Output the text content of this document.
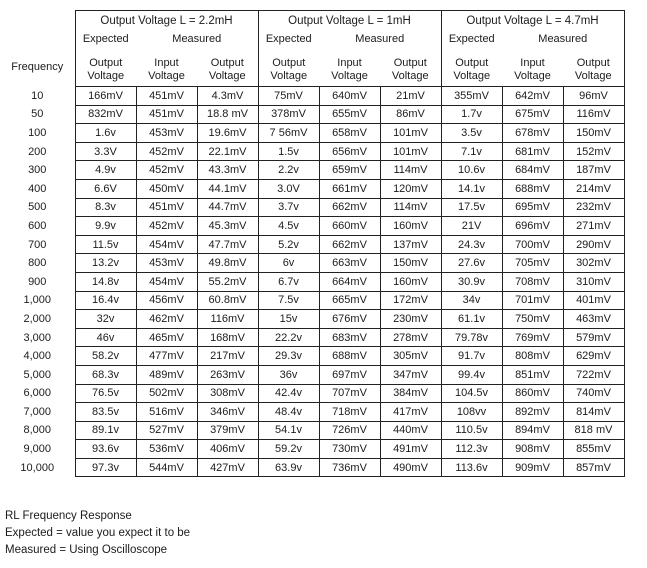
	Output Voltage L = 2.2mH			Output Voltage L = 1mH			Output Voltage L = 4.7mH		
	Expected	Measured		Expected	Measured		Expected	Measured	
Frequency	Output Voltage	Input Voltage	Output Voltage	Output Voltage	Input Voltage	Output Voltage	Output Voltage	Input Voltage	Output Voltage
10	166mV	451mV	4.3mV	75mV	640mV	21mV	355mV	642mV	96mV
50	832mV	451mV	18.8 mV	378mV	655mV	86mV	1.7v	675mV	116mV
100	1.6v	453mV	19.6mV	7 56mV	658mV	101mV	3.5v	678mV	150mV
200	3.3V	452mV	22.1mV	1.5v	656mV	101mV	7.1v	681mV	152mV
300	4.9v	452mV	43.3mV	2.2v	659mV	114mV	10.6v	684mV	187mV
400	6.6V	450mV	44.1mV	3.0V	661mV	120mV	14.1v	688mV	214mV
500	8.3v	451mV	44.7mV	3.7v	662mV	114mV	17.5v	695mV	232mV
600	9.9v	452mV	45.3mV	4.5v	660mV	160mV	21V	696mV	271mV
700	11.5v	454mV	47.7mV	5.2v	662mV	137mV	24.3v	700mV	290mV
800	13.2v	453mV	49.8mV	6v	663mV	150mV	27.6v	705mV	302mV
900	14.8v	454mV	55.2mV	6.7v	664mV	160mV	30.9v	708mV	310mV
1,000	16.4v	456mV	60.8mV	7.5v	665mV	172mV	34v	701mV	401mV
2,000	32v	462mV	116mV	15v	676mV	230mV	61.1v	750mV	463mV
3,000	46v	465mV	168mV	22.2v	683mV	278mV	79.78v	769mV	579mV
4,000	58.2v	477mV	217mV	29.3v	688mV	305mV	91.7v	808mV	629mV
5,000	68.3v	489mV	263mV	36v	697mV	347mV	99.4v	851mV	722mV
6,000	76.5v	502mV	308mV	42.4v	707mV	384mV	104.5v	860mV	740mV
7,000	83.5v	516mV	346mV	48.4v	718mV	417mV	108vv	892mV	814mV
8,000	89.1v	527mV	379mV	54.1v	726mV	440mV	110.5v	894mV	818 mV
9,000	93.6v	536mV	406mV	59.2v	730mV	491mV	112.3v	908mV	855mV
10,000	97.3v	544mV	427mV	63.9v	736mV	490mV	113.6v	909mV	857mV
RL Frequency Response
Expected = value you expect it to be
Measured = Using Oscilloscope
